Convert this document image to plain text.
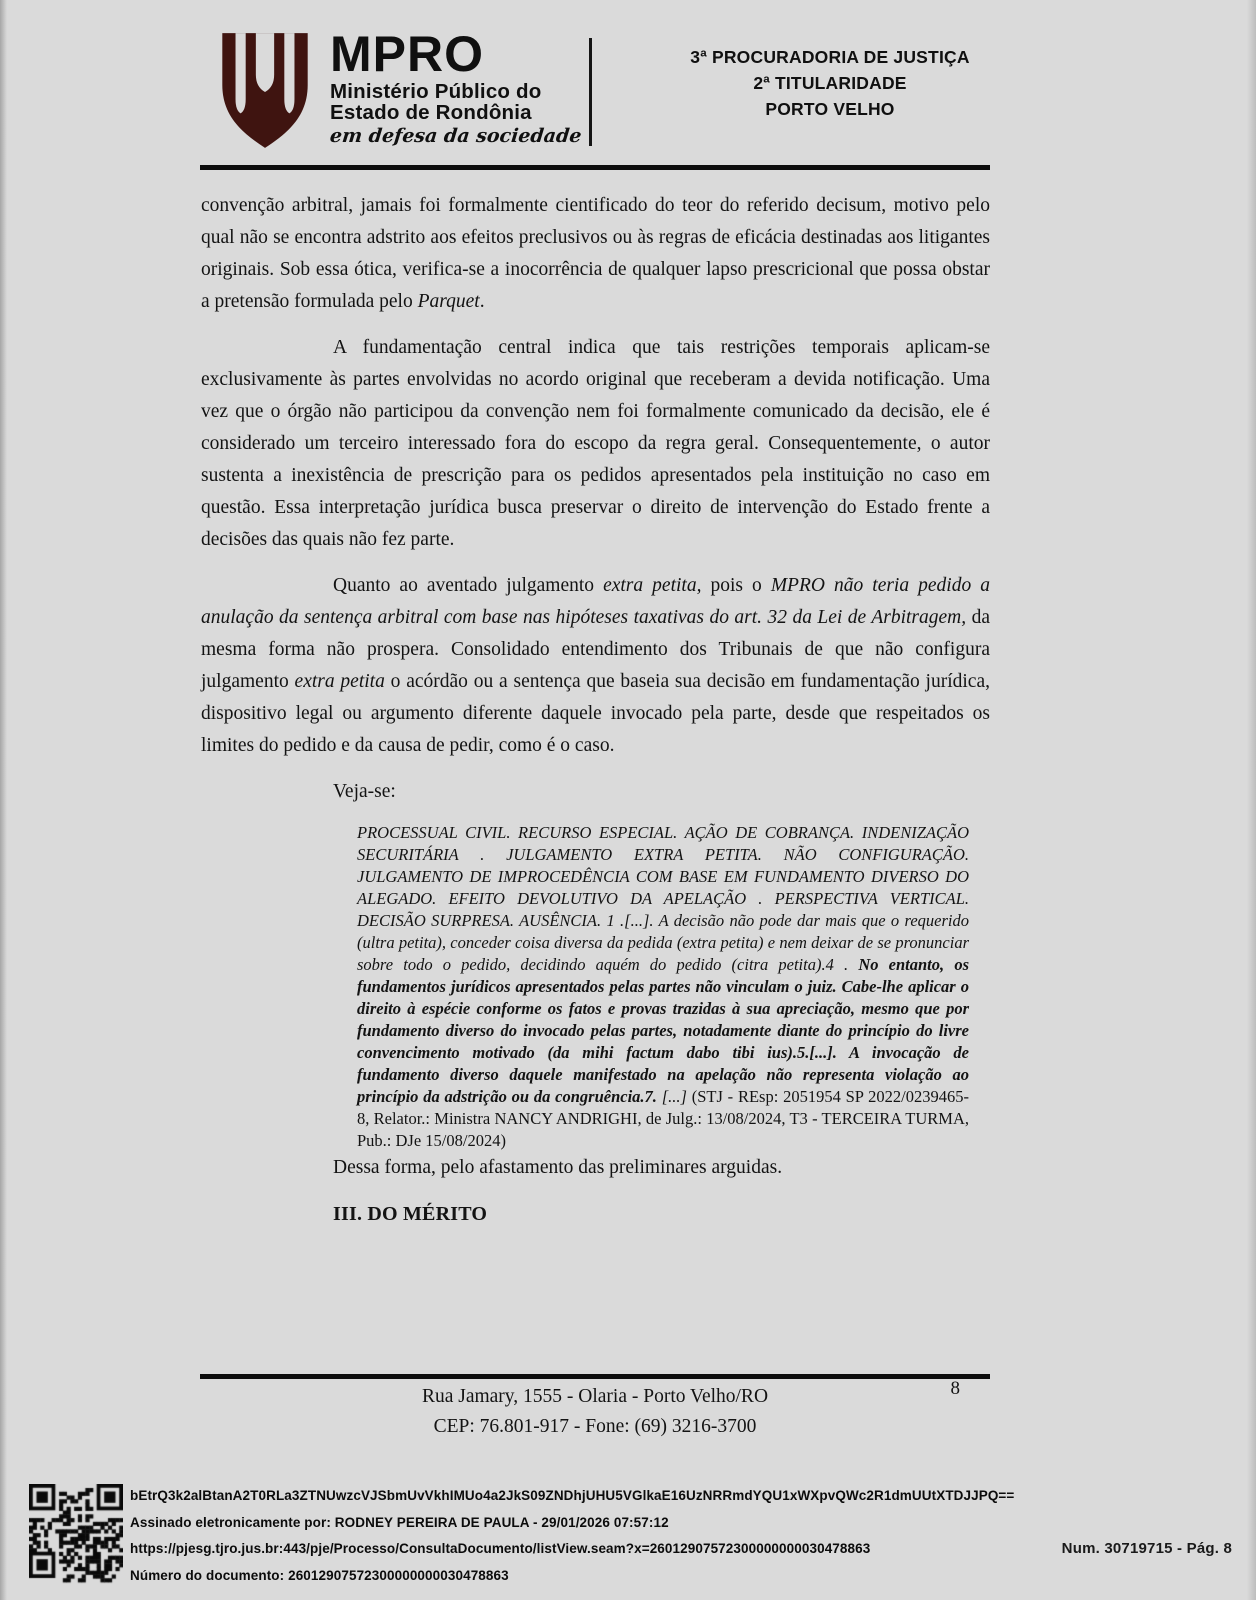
MPRO
Ministério Público do
Estado de Rondônia
em defesa da sociedade
3ª PROCURADORIA DE JUSTIÇA
2ª TITULARIDADE
PORTO VELHO

convenção arbitral, jamais foi formalmente cientificado do teor do referido decisum, motivo pelo qual não se encontra adstrito aos efeitos preclusivos ou às regras de eficácia destinadas aos litigantes originais. Sob essa ótica, verifica-se a inocorrência de qualquer lapso prescricional que possa obstar a pretensão formulada pelo Parquet.

A fundamentação central indica que tais restrições temporais aplicam-se exclusivamente às partes envolvidas no acordo original que receberam a devida notificação. Uma vez que o órgão não participou da convenção nem foi formalmente comunicado da decisão, ele é considerado um terceiro interessado fora do escopo da regra geral. Consequentemente, o autor sustenta a inexistência de prescrição para os pedidos apresentados pela instituição no caso em questão. Essa interpretação jurídica busca preservar o direito de intervenção do Estado frente a decisões das quais não fez parte.

Quanto ao aventado julgamento extra petita, pois o MPRO não teria pedido a anulação da sentença arbitral com base nas hipóteses taxativas do art. 32 da Lei de Arbitragem, da mesma forma não prospera. Consolidado entendimento dos Tribunais de que não configura julgamento extra petita o acórdão ou a sentença que baseia sua decisão em fundamentação jurídica, dispositivo legal ou argumento diferente daquele invocado pela parte, desde que respeitados os limites do pedido e da causa de pedir, como é o caso.

Veja-se:

PROCESSUAL CIVIL. RECURSO ESPECIAL. AÇÃO DE COBRANÇA. INDENIZAÇÃO SECURITÁRIA . JULGAMENTO EXTRA PETITA. NÃO CONFIGURAÇÃO. JULGAMENTO DE IMPROCEDÊNCIA COM BASE EM FUNDAMENTO DIVERSO DO ALEGADO. EFEITO DEVOLUTIVO DA APELAÇÃO . PERSPECTIVA VERTICAL. DECISÃO SURPRESA. AUSÊNCIA. 1 .[...]. A decisão não pode dar mais que o requerido (ultra petita), conceder coisa diversa da pedida (extra petita) e nem deixar de se pronunciar sobre todo o pedido, decidindo aquém do pedido (citra petita).4 . No entanto, os fundamentos jurídicos apresentados pelas partes não vinculam o juiz. Cabe-lhe aplicar o direito à espécie conforme os fatos e provas trazidas à sua apreciação, mesmo que por fundamento diverso do invocado pelas partes, notadamente diante do princípio do livre convencimento motivado (da mihi factum dabo tibi ius).5.[...]. A invocação de fundamento diverso daquele manifestado na apelação não representa violação ao princípio da adstrição ou da congruência.7. [...] (STJ - REsp: 2051954 SP 2022/0239465-8, Relator.: Ministra NANCY ANDRIGHI, de Julg.: 13/08/2024, T3 - TERCEIRA TURMA, Pub.: DJe 15/08/2024)

Dessa forma, pelo afastamento das preliminares arguidas.

III. DO MÉRITO

Rua Jamary, 1555 - Olaria - Porto Velho/RO
CEP: 76.801-917 - Fone: (69) 3216-3700
8
bEtrQ3k2alBtanA2T0RLa3ZTNUwzcVJSbmUvVkhIMUo4a2JkS09ZNDhjUHU5VGlkaE16UzNRRmdYQU1xWXpvQWc2R1dmUUtXTDJJPQ==
Assinado eletronicamente por: RODNEY PEREIRA DE PAULA - 29/01/2026 07:57:12
https://pjesg.tjro.jus.br:443/pje/Processo/ConsultaDocumento/listView.seam?x=26012907572300000000030478863
Número do documento: 26012907572300000000030478863
Num. 30719715 - Pág. 8
